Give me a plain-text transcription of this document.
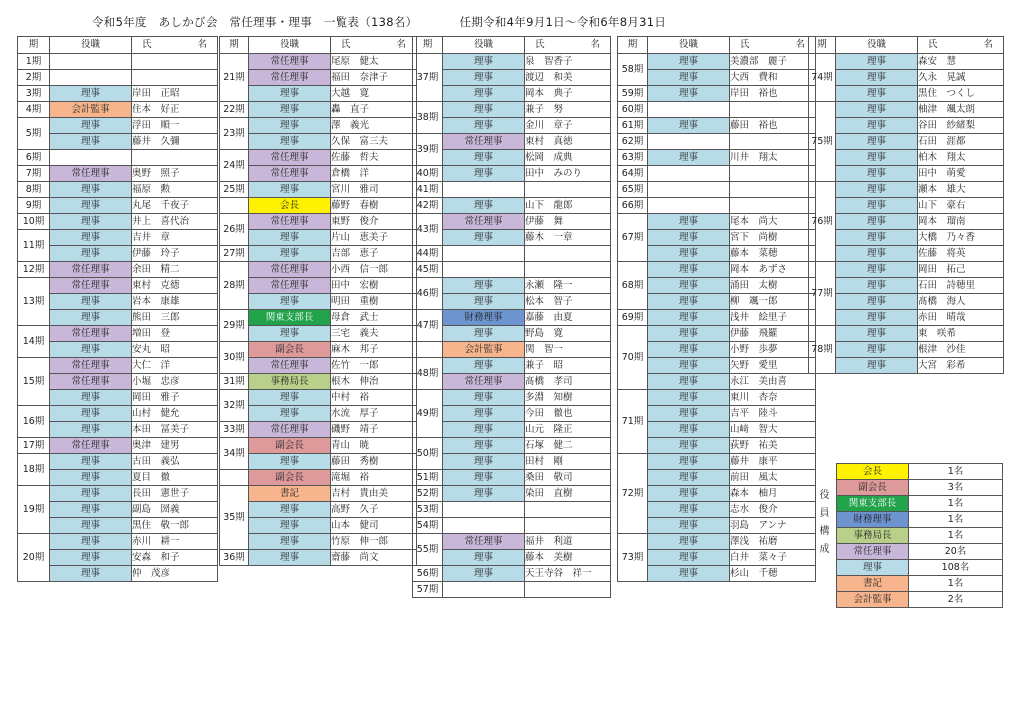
令和5年度　あしかび会　常任理事・理事　一覧表（138名）	任期令和4年9月1日～令和6年8月31日
期	役職	氏 名

1期		
2期		
3期	理事	岸田　正昭
4期	会計監事	住本　好正
5期	理事	浮田　順一
	理事	藤井　久彌
6期		
7期	常任理事	奥野　照子
8期	理事	福原　勲
9期	理事	丸尾　千夜子
10期	理事	井上　喜代治
11期	理事	吉井　章
	理事	伊藤　玲子
12期	常任理事	余田　精二
13期	常任理事	東村　克德
	理事	岩本　康雄
	理事	熊田　三郎
14期	常任理事	増田　登
	理事	安丸　昭
15期	常任理事	大仁　洋
	常任理事	小堀　忠彦
	理事	岡田　雅子
16期	理事	山村　健允
	理事	本田　冨美子
17期	常任理事	奥津　建男
18期	理事	古田　義弘
	理事	夏目　徹
19期	理事	長田　憲世子
	理事	副島　圀義
	理事	黒住　敬一郎
20期	理事	赤川　耕一
	理事	安森　和子
	理事	仲　茂彦
期	役職	氏 名

21期	常任理事	尾原　健太
	常任理事	福田　奈津子
	理事	大越　寛
22期	理事	轟　直子
23期	理事	澤　義光
	理事	久保　富三夫
24期	常任理事	佐藤　哲夫
	常任理事	倉橋　洋
25期	理事	宮川　雅司
	会長	藤野　春樹
26期	常任理事	東野　俊介
	理事	片山　恵美子
27期	理事	吉部　恵子
28期	常任理事	小西　信一郎
	常任理事	田中　宏樹
	理事	明田　重樹
29期	関東支部長	母倉　武士
	理事	三宅　義夫
30期	副会長	麻木　邦子
	常任理事	佐竹　一郎
31期	事務局長	根木　伸治
32期	理事	中村　裕
	理事	水流　厚子
33期	常任理事	磯野　靖子
34期	副会長	青山　暁
	理事	藤田　秀樹
	副会長	滝堀　裕
35期	書記	吉村　貴由美
	理事	高野　久子
	理事	山本　健司
	理事	竹原　伸一郎
36期	理事	齋藤　尚文
期	役職	氏 名

37期	理事	泉　智香子
	理事	渡辺　和美
	理事	岡本　典子
38期	理事	兼子　努
	理事	金川　章子
39期	常任理事	東村　真徳
	理事	松岡　成典
40期	理事	田中　みのり
41期		
42期	理事	山下　龍郎
43期	常任理事	伊藤　舞
	理事	藤木　一章
44期		
45期		
46期	理事	永瀬　隆一
	理事	松本　智子
47期	財務理事	嘉藤　由夏
	理事	野島　寛
	会計監事	関　智一
48期	理事	兼子　昭
	常任理事	髙橋　孝司
49期	理事	多淵　知樹
	理事	今田　徹也
	理事	山元　隆正
50期	理事	石塚　健二
	理事	田村　剛
51期	理事	桑田　敬司
52期	理事	染田　直樹
53期		
54期		
55期	常任理事	福井　利道
	理事	藤本　美樹
56期	理事	天王寺谷　祥一
57期		
期	役職	氏 名

58期	理事	美濃部　麗子
	理事	大西　費和
59期	理事	岸田　裕也
60期		
61期	理事	藤田　裕也
62期		
63期	理事	川井　翔太
64期		
65期		
66期		
67期	理事	尾本　尚大
	理事	宮下　尚樹
	理事	藤本　菜穂
68期	理事	岡本　あずさ
	理事	涌田　太樹
	理事	柳　颯一郎
69期	理事	浅井　絵里子
70期	理事	伊藤　飛羅
	理事	小野　歩夢
	理事	矢野　愛里
	理事	永江　美由喜
71期	理事	東川　杏奈
	理事	吉平　陸斗
	理事	山﨑　智大
	理事	荻野　祐美
72期	理事	藤井　康平
	理事	前田　風太
	理事	森本　柚月
	理事	志水　俊介
	理事	羽島　アンナ
73期	理事	澤浅　祐磨
	理事	白井　菜々子
	理事	杉山　千穂
期	役職	氏 名

74期	理事	森安　慧
	理事	久永　晃誠
	理事	黒住　つくし
75期	理事	柚津　颯太朗
	理事	谷田　紗緒梨
	理事	石田　涯都
	理事	柏木　翔太
	理事	田中　萌愛
76期	理事	瀬本　雄大
	理事	山下　豪右
	理事	岡本　瑠南
	理事	大橋　乃々香
	理事	佐藤　将英
77期	理事	岡田　拓己
	理事	石田　詩穂里
	理事	髙橋　海人
	理事	赤田　晴哉
78期	理事	東　咲希
	理事	根津　沙佳
	理事	大宮　彩希
役員構成
会長	1名
副会長	3名
関東支部長	1名
財務理事	1名
事務局長	1名
常任理事	20名
理事	108名
書記	1名
会計監事	2名
